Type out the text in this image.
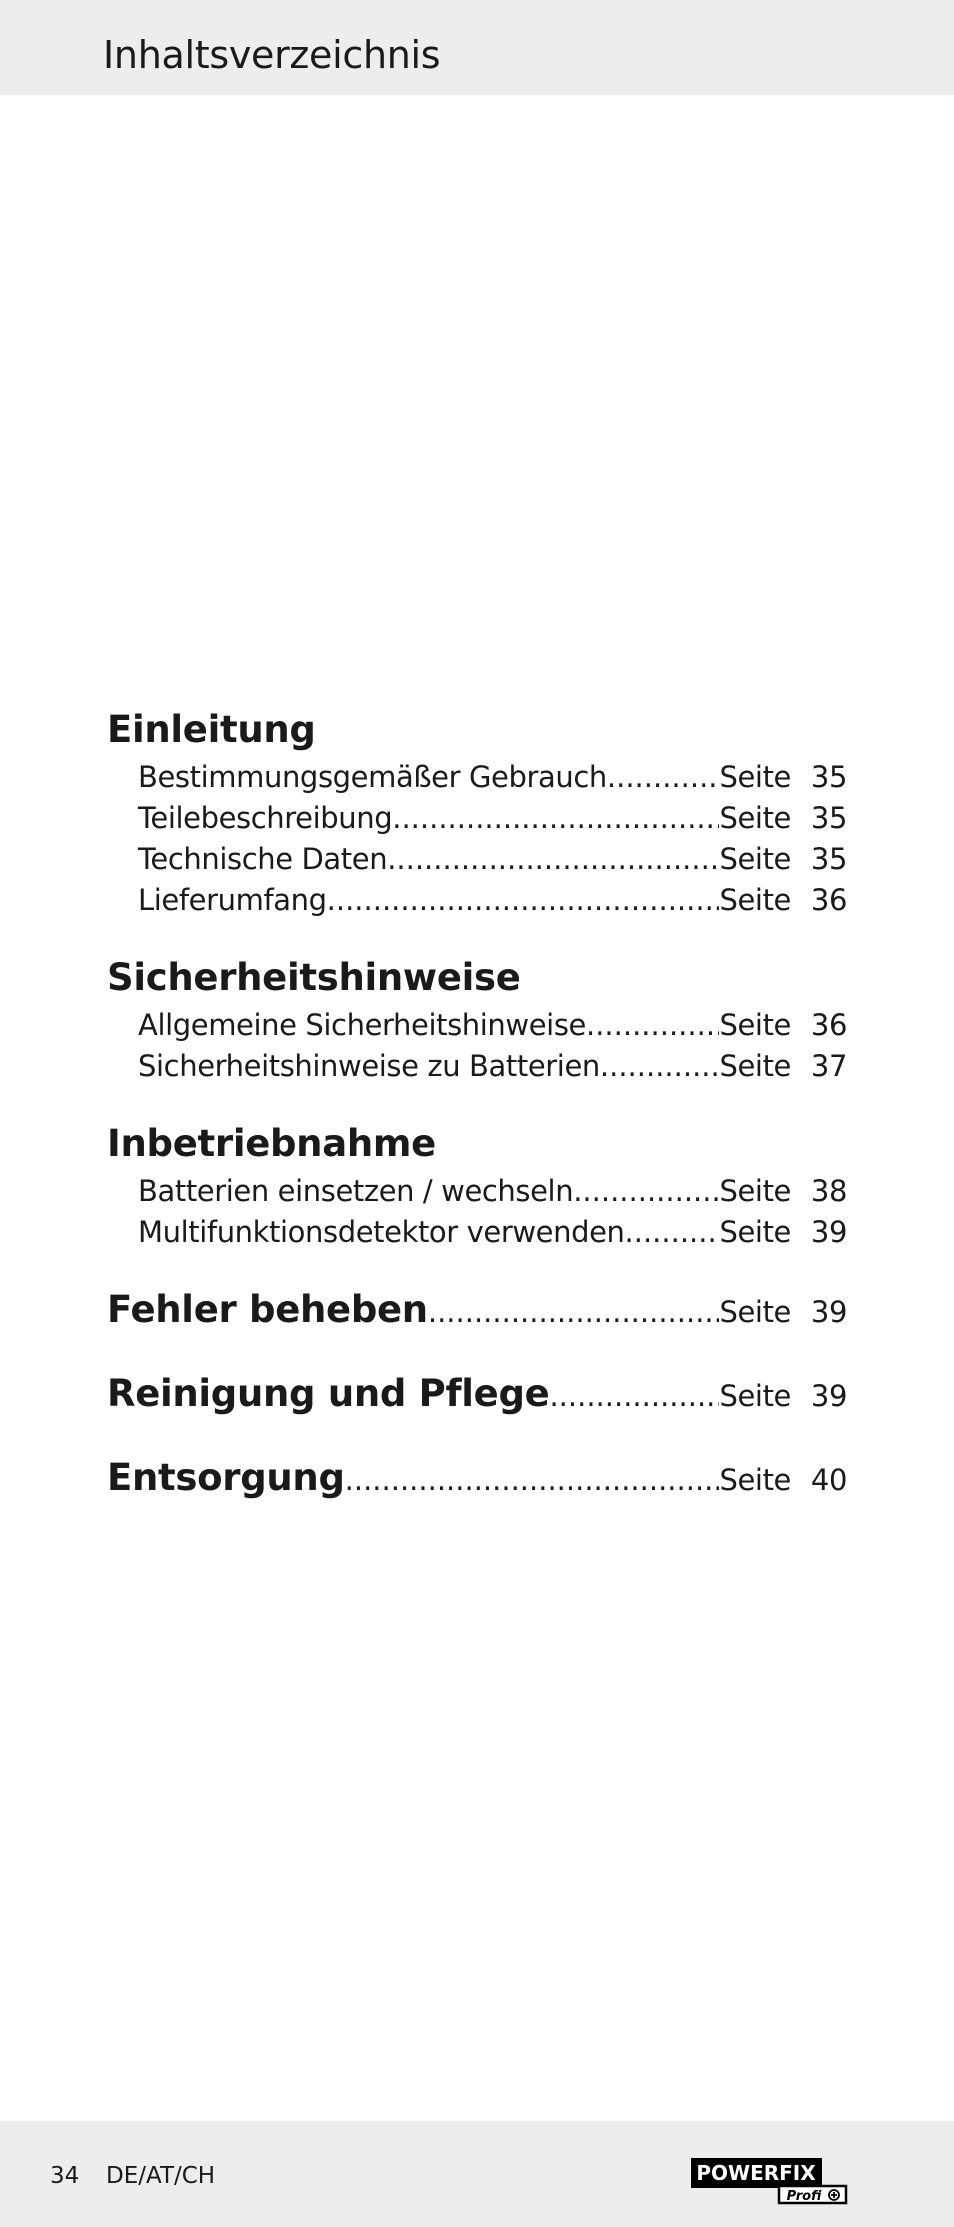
Inhaltsverzeichnis
Einleitung
Bestimmungsgemäßer Gebrauch .....	Seite 35
Teilebeschreibung .....	Seite 35
Technische Daten .....	Seite 35
Lieferumfang .....	Seite 36
Sicherheitshinweise
Allgemeine Sicherheitshinweise .....	Seite 36
Sicherheitshinweise zu Batterien .....	Seite 37
Inbetriebnahme
Batterien einsetzen / wechseln .....	Seite 38
Multifunktionsdetektor verwenden .....	Seite 39
Fehler beheben .....	Seite 39
Reinigung und Pflege .....	Seite 39
Entsorgung .....	Seite 40
34 DE/AT/CH	POWERFIX
Profi
